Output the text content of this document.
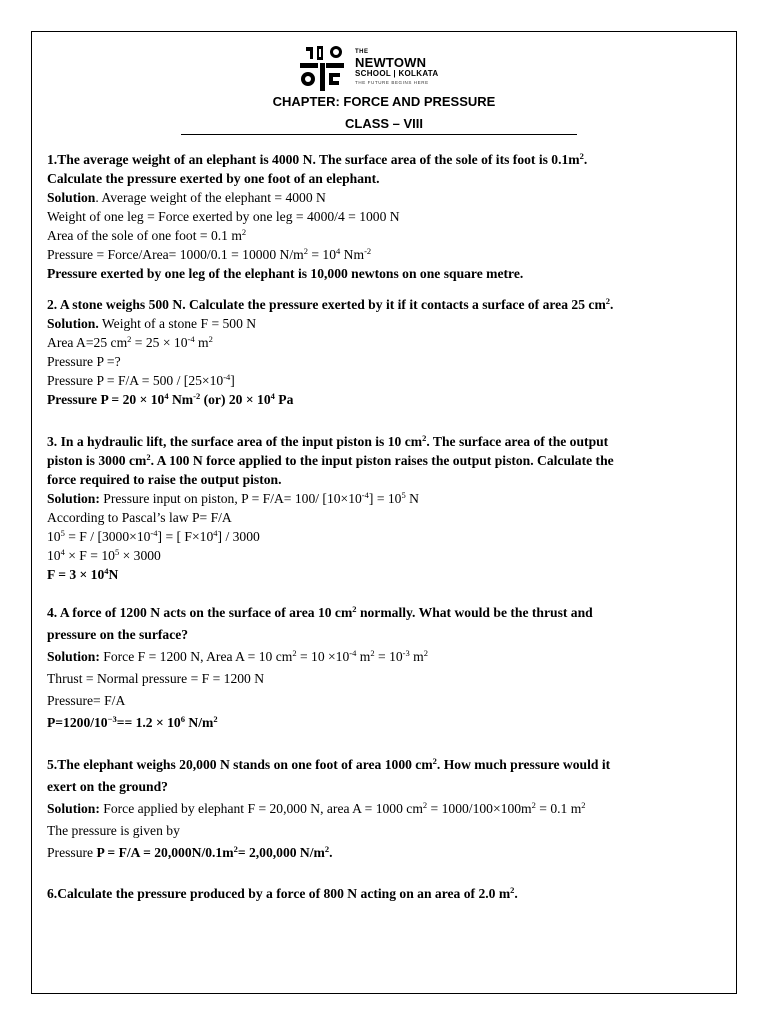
THE
NEWTOWN
SCHOOL | KOLKATA
THE FUTURE BEGINS HERE
CHAPTER: FORCE AND PRESSURE
CLASS – VIII
1.The average weight of an elephant is 4000 N. The surface area of the sole of its foot is $0.1m^2$.
Calculate the pressure exerted by one foot of an elephant.
Solution. Average weight of the elephant = 4000 N
Weight of one leg = Force exerted by one leg = 4000/4 = 1000 N
Area of the sole of one foot = 0.1 $m^2$
Pressure = Force/Area= 1000/0.1 = 10000 $N/m^2 = 10^4$ $Nm^{-2}$
Pressure exerted by one leg of the elephant is 10,000 newtons on one square metre.
2. A stone weighs 500 N. Calculate the pressure exerted by it if it contacts a surface of area 25 $cm^2$.
Solution. Weight of a stone F = 500 N
Area A=25 $cm^2 = 25 \times 10^{-4}$ $m^2$
Pressure P =?
Pressure $P = F/A = 500 / [25\times 10^{-4}]$
Pressure $P = 20 \times 10^4$ $Nm^{-2}$ (or) $20 \times 10^4$ Pa
3. In a hydraulic lift, the surface area of the input piston is 10 $cm^2$. The surface area of the output
piston is 3000 $cm^2$. A 100 N force applied to the input piston raises the output piston. Calculate the
force required to raise the output piston.
Solution: Pressure input on piston, P = F/A= 100/ $[10\times 10^{-4}] = 10^5$ N
According to Pascal’s law P= F/A
$10^5 = F / [3000\times 10^{-4}]$ = [ $F\times 10^4] / 3000$
$10^4 \times F = 10^5 \times 3000$
$F = 3 \times 10^4N$
4. A force of 1200 N acts on the surface of area 10 $cm^2$ normally. What would be the thrust and
pressure on the surface?
Solution: Force F = 1200 N, Area A = 10 $cm^2 = 10 \times 10^{-4}$ $m^2 = 10^{-3}$ $m^2$
Thrust = Normal pressure = F = 1200 N
Pressure= F/A
$P=1200/10^{-3}== 1.2 \times 10^6$ $N/m^2$
5.The elephant weighs 20,000 N stands on one foot of area 1000 $cm^2$. How much pressure would it
exert on the ground?
Solution: Force applied by elephant F = 20,000 N, area A = 1000 $cm^2 = 1000/100\times 100m^2 = 0.1$ $m^2$
The pressure is given by
Pressure $P = F/A = 20,000N/0.1m^2= 2,00,000$ $N/m^2$.
6.Calculate the pressure produced by a force of 800 N acting on an area of 2.0 $m^2$.
